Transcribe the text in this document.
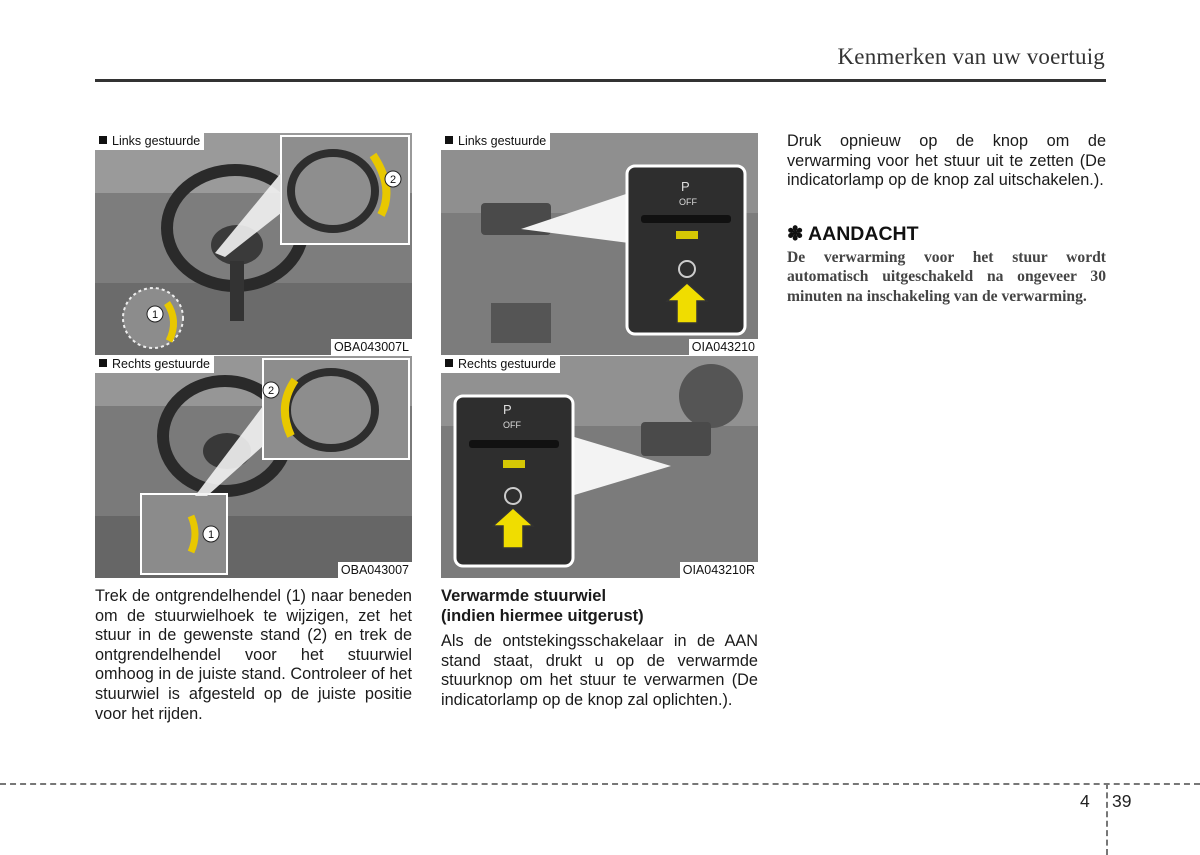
Kenmerken van uw voertuig
1
2
Links gestuurde
OBA043007L
1
2
Rechts gestuurde
OBA043007
P
OFF
Links gestuurde
OIA043210
P
OFF
Rechts gestuurde
OIA043210R
Trek de ontgrendelhendel (1) naar beneden om de stuurwielhoek te wijzigen, zet het stuur in de gewenste stand (2) en trek de ontgrendelhendel voor het stuurwiel omhoog in de juiste stand. Controleer of het stuurwiel is afgesteld op de juiste positie voor het rijden.
Verwarmde stuurwiel
(indien hiermee uitgerust)
Als de ontstekingsschakelaar in de AAN stand staat, drukt u op de verwarmde stuurknop om het stuur te verwarmen (De indicatorlamp op de knop zal oplichten.).
Druk opnieuw op de knop om de verwarming voor het stuur uit te zetten (De indicatorlamp op de knop zal uitschakelen.).
✽ AANDACHT
De verwarming voor het stuur wordt automatisch uitgeschakeld na ongeveer 30 minuten na inschakeling van de verwarming.
4 39
